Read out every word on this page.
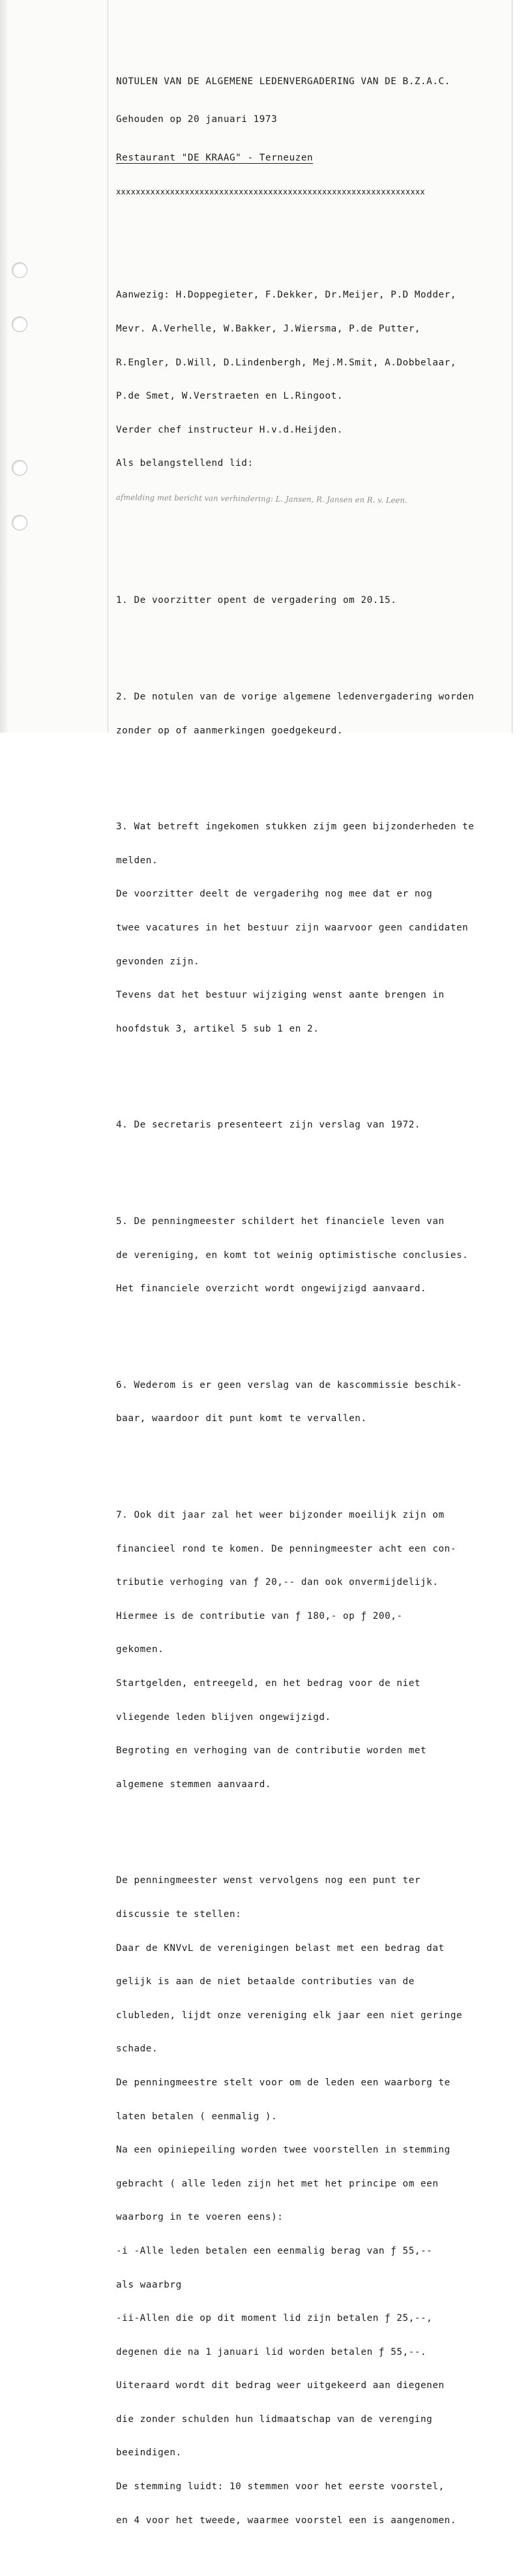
NOTULEN VAN DE ALGEMENE LEDENVERGADERING VAN DE B.Z.A.C.

Gehouden op 20 januari 1973

Restaurant "DE KRAAG" - Terneuzen

xxxxxxxxxxxxxxxxxxxxxxxxxxxxxxxxxxxxxxxxxxxxxxxxxxxxxxxxxxxxxxx

Aanwezig: H.Doppegieter, F.Dekker, Dr.Meijer, P.D Modder,

Mevr. A.Verhelle, W.Bakker, J.Wiersma, P.de Putter,

R.Engler, D.Will, D.Lindenbergh, Mej.M.Smit, A.Dobbelaar,

P.de Smet, W.Verstraeten en L.Ringoot.

Verder chef instructeur H.v.d.Heijden.

Als belangstellend lid:

afmelding met bericht van verhindering: L. Jansen, R. Jansen en R. v. Leen.

1. De voorzitter opent de vergadering om 20.15.

2. De notulen van de vorige algemene ledenvergadering worden

zonder op of aanmerkingen goedgekeurd.

3. Wat betreft ingekomen stukken zijm geen bijzonderheden te

melden.

De voorzitter deelt de vergaderihg nog mee dat er nog

twee vacatures in het bestuur zijn waarvoor geen candidaten

gevonden zijn.

Tevens dat het bestuur wijziging wenst aante brengen in

hoofdstuk 3, artikel 5 sub 1 en 2.

4. De secretaris presenteert zijn verslag van 1972.

5. De penningmeester schildert het financiele leven van

de vereniging, en komt tot weinig optimistische conclusies.

Het financiele overzicht wordt ongewijzigd aanvaard.

6. Wederom is er geen verslag van de kascommissie beschik-

baar, waardoor dit punt komt te vervallen.

7. Ook dit jaar zal het weer bijzonder moeilijk zijn om

financieel rond te komen. De penningmeester acht een con-

tributie verhoging van ƒ 20,-- dan ook onvermijdelijk.

Hiermee is de contributie van ƒ 180,- op ƒ 200,-

gekomen.

Startgelden, entreegeld, en het bedrag voor de niet

vliegende leden blijven ongewijzigd.

Begroting en verhoging van de contributie worden met

algemene stemmen aanvaard.

De penningmeester wenst vervolgens nog een punt ter

discussie te stellen:

Daar de KNVvL de verenigingen belast met een bedrag dat

gelijk is aan de niet betaalde contributies van de

clubleden, lijdt onze vereniging elk jaar een niet geringe

schade.

De penningmeestre stelt voor om de leden een waarborg te

laten betalen ( eenmalig ).

Na een opiniepeiling worden twee voorstellen in stemming

gebracht ( alle leden zijn het met het principe om een

waarborg in te voeren eens):

-i -Alle leden betalen een eenmalig berag van ƒ 55,--

als waarbrg

-ii-Allen die op dit moment lid zijn betalen ƒ 25,--,

degenen die na 1 januari lid worden betalen ƒ 55,--.

Uiteraard wordt dit bedrag weer uitgekeerd aan diegenen

die zonder schulden hun lidmaatschap van de verenging

beeindigen.

De stemming luidt: 10 stemmen voor het eerste voorstel,

en 4 voor het tweede, waarmee voorstel een is aangenomen.
